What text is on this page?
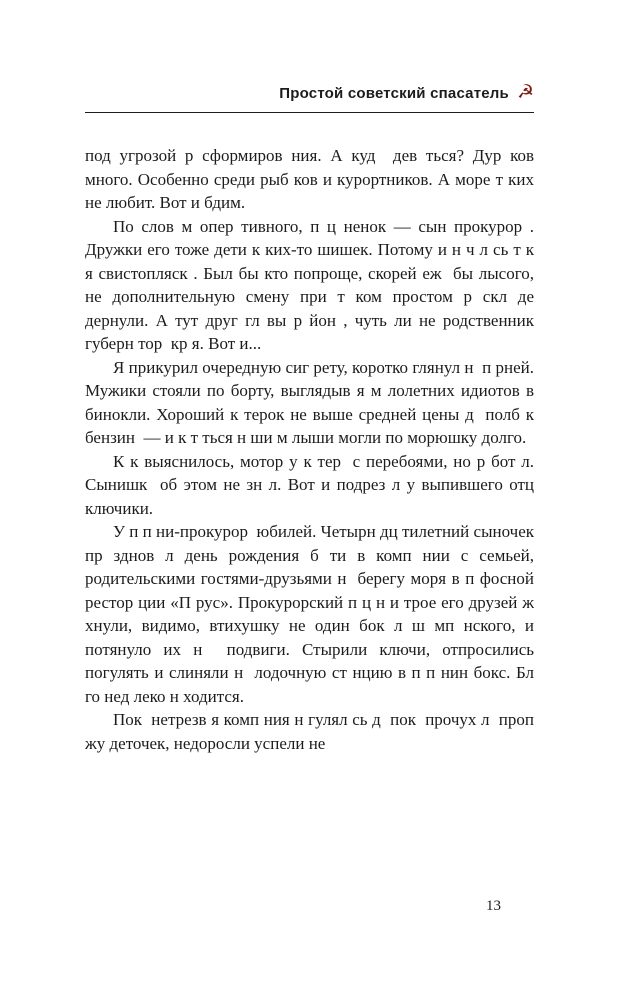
Простой советский спасатель ☭

под угрозой р сформиров ния. А куд  дев ться? Дур ков много. Особенно среди рыб ков и курортников. А море т ких не любит. Вот и бдим.

По слов м опер тивного, п ц ненок — сын прокурор . Дружки его тоже дети к ких-то шишек. Потому и н ч л сь т к я свистопляск . Был бы кто попроще, скорей еж  бы лысого,  не дополнительную смену при т ком простом р скл де дернули. А тут друг гл вы р йон , чуть ли не родственник губерн тор  кр я. Вот и...

Я прикурил очередную сиг рету, коротко глянул н  п рней. Мужики стояли по борту, выглядыв я м лолетних идиотов в бинокли. Хороший к терок не выше средней цены д  полб к  бензин  — и к т ться н ши м лыши могли по морюшку долго.

К к выяснилось, мотор у к тер  с перебоями, но р бот л. Сынишк  об этом не зн л. Вот и подрез л у выпившего отц  ключики.

У п п ни-прокурор  юбилей. Четырн дц тилетний сыночек пр зднов л день рождения б ти в комп нии с семьей, родительскими гостями-друзьями н  берегу моря в п фосной рестор ции «П рус». Прокурорский п ц н и трое его друзей ж хнули, видимо, втихушку не один бок л ш мп нского, и потянуло их н  подвиги. Стырили ключи, отпросились погулять и слиняли н  лодочную ст нцию в п п нин бокс. Бл го нед леко н ходится.

Пок  нетрезв я комп ния н гулял сь д  пок  прочух л  проп жу деточек, недоросли успели не

13
